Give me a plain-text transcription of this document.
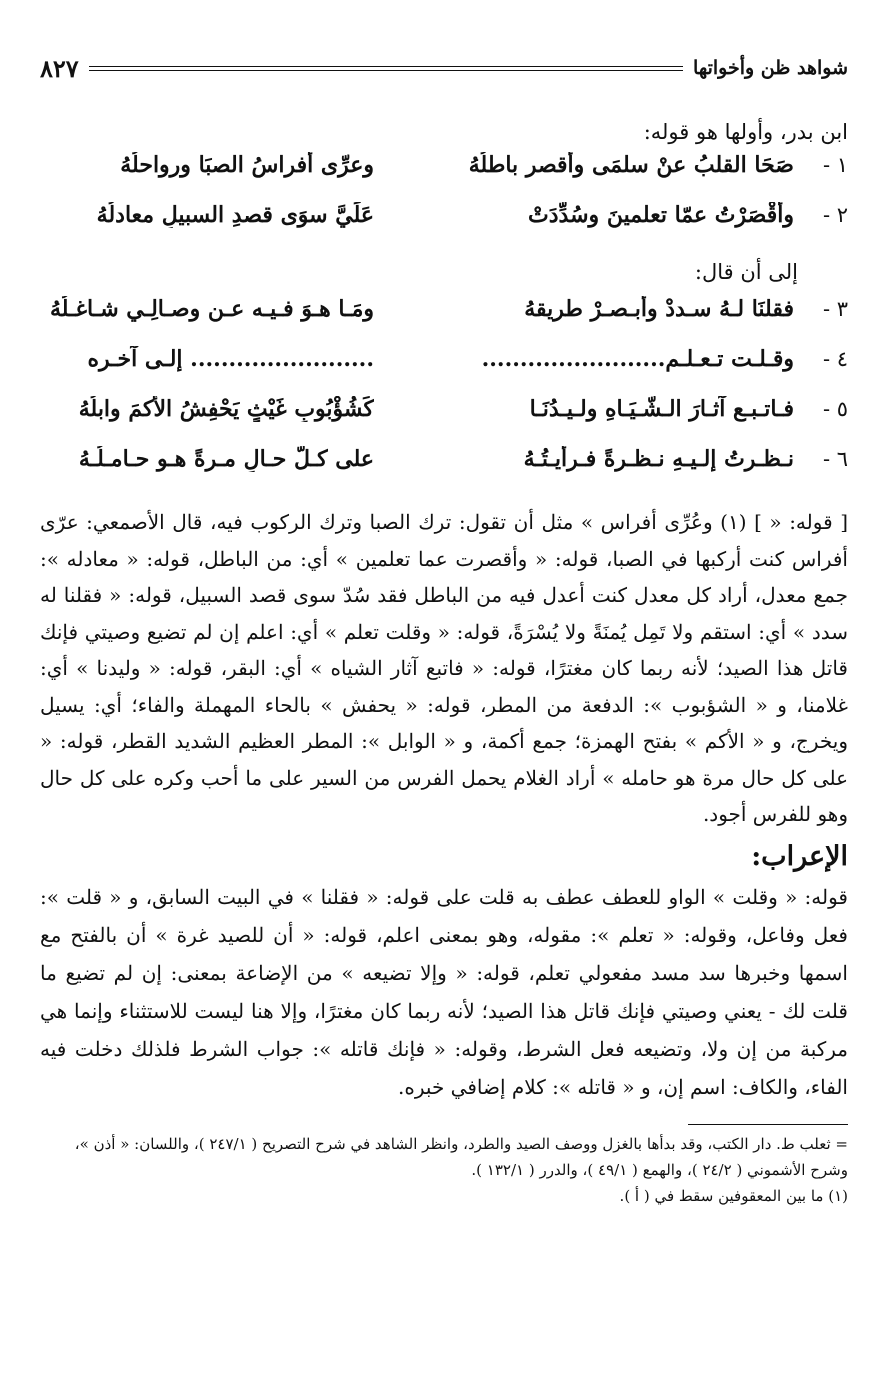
شواهد ظن وأخواتها
٨٢٧
ابن بدر، وأولها هو قوله:
١ -
صَحَا القلبُ عنْ سلمَى وأقصر باطلُهُ
وعرِّى أفراسُ الصبَا ورواحلُهُ
٢ -
وأقْصَرْتُ عمّا تعلمينَ وسُدِّدَتْ
عَلَيَّ سوَى قصدِ السبيلِ معادلُهُ
إلى أن قال:
٣ -
فقلنَا لـهُ سـددْ وأبـصـرْ طريقهُ
ومَـا هـوَ فـيـه عـن وصـالِـي شـاغـلُهُ
٤ -
وقـلـت تـعـلـم........................
........................ إلـى آخـره
٥ -
فـاتـبـع آثـارَ الـشّـيَـاهِ ولـيـدُنَـا
كَشُؤْبُوبِ غَيْثٍ يَحْفِشُ الأكمَ وابلُهُ
٦ -
نـظـرتُ إلـيـهِ نـظـرةً فـرأيـتُـهُ
على كـلّ حـالٍ مـرةً هـو حـامـلُـهُ

[ قوله: « ] (١) وعُرِّى أفراس » مثل أن تقول: ترك الصبا وترك الركوب فيه، قال الأصمعي: عرّى أفراس كنت أركبها في الصبا، قوله: « وأقصرت عما تعلمين » أي: من الباطل، قوله: « معادله »: جمع معدل، أراد كل معدل كنت أعدل فيه من الباطل فقد سُدّ سوى قصد السبيل، قوله: « فقلنا له سدد » أي: استقم ولا تَمِل يُمنَةً ولا يُسْرَةً، قوله: « وقلت تعلم » أي: اعلم إن لم تضيع وصيتي فإنك قاتل هذا الصيد؛ لأنه ربما كان مغترًا، قوله: « فاتبع آثار الشياه » أي: البقر، قوله: « وليدنا » أي: غلامنا، و « الشؤبوب »: الدفعة من المطر، قوله: « يحفش » بالحاء المهملة والفاء؛ أي: يسيل ويخرج، و « الأكم » بفتح الهمزة؛ جمع أكمة، و « الوابل »: المطر العظيم الشديد القطر، قوله: « على كل حال مرة هو حامله » أراد الغلام يحمل الفرس من السير على ما أحب وكره على كل حال وهو للفرس أجود.

الإعراب:

قوله: « وقلت » الواو للعطف عطف به قلت على قوله: « فقلنا » في البيت السابق، و « قلت »: فعل وفاعل، وقوله: « تعلم »: مقوله، وهو بمعنى اعلم، قوله: « أن للصيد غرة » أن بالفتح مع اسمها وخبرها سد مسد مفعولي تعلم، قوله: « وإلا تضيعه » من الإضاعة بمعنى: إن لم تضيع ما قلت لك - يعني وصيتي فإنك قاتل هذا الصيد؛ لأنه ربما كان مغترًا، وإلا هنا ليست للاستثناء وإنما هي مركبة من إن ولا، وتضيعه فعل الشرط، وقوله: « فإنك قاتله »: جواب الشرط فلذلك دخلت فيه الفاء، والكاف: اسم إن، و « قاتله »: كلام إضافي خبره.

= ثعلب ط. دار الكتب، وقد بدأها بالغزل ووصف الصيد والطرد، وانظر الشاهد في شرح التصريح ( ٢٤٧/١ )، واللسان: « أذن »، وشرح الأشموني ( ٢٤/٢ )، والهمع ( ٤٩/١ )، والدرر ( ١٣٢/١ ).

(١) ما بين المعقوفين سقط في ( أ ).
